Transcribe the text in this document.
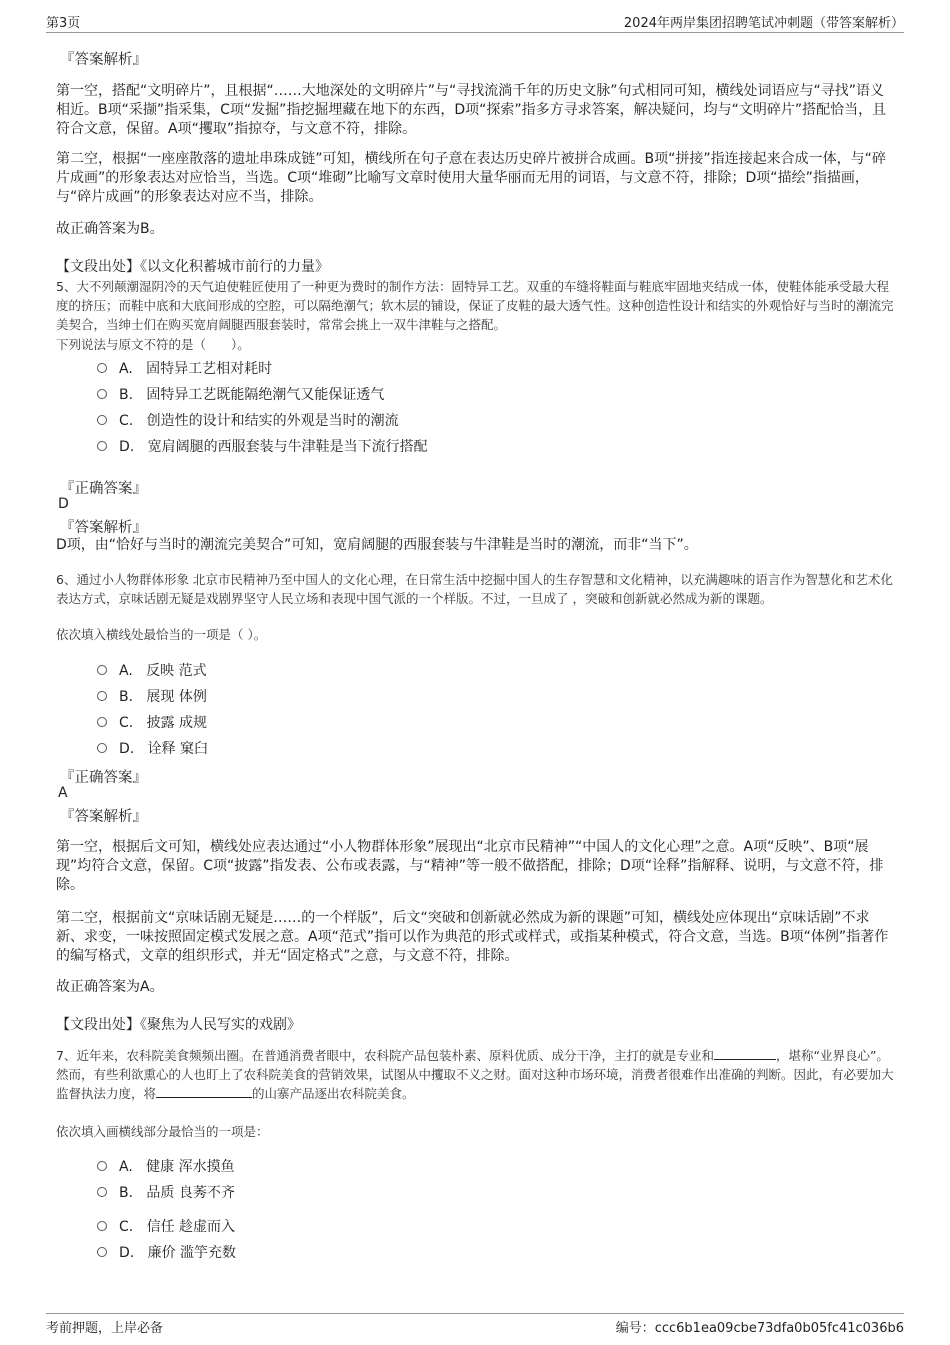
第3页	2024年两岸集团招聘笔试冲刺题（带答案解析）
『答案解析』

第一空，搭配“文明碎片”，且根据“……大地深处的文明碎片”与“寻找流淌千年的历史文脉”句式相同可知，横线处词语应与“寻找”语义相近。B项“采撷”指采集，C项“发掘”指挖掘埋藏在地下的东西，D项“探索”指多方寻求答案，解决疑问，均与“文明碎片”搭配恰当，且符合文意，保留。A项“攫取”指掠夺，与文意不符，排除。

第二空，根据“一座座散落的遗址串珠成链”可知，横线所在句子意在表达历史碎片被拼合成画。B项“拼接”指连接起来合成一体，与“碎片成画”的形象表达对应恰当，当选。C项“堆砌”比喻写文章时使用大量华丽而无用的词语，与文意不符，排除；D项“描绘”指描画，与“碎片成画”的形象表达对应不当，排除。

故正确答案为B。
【文段出处】《以文化积蓄城市前行的力量》

5、大不列颠潮湿阴冷的天气迫使鞋匠使用了一种更为费时的制作方法：固特异工艺。双重的车缝将鞋面与鞋底牢固地夹结成一体，使鞋体能承受最大程度的挤压；而鞋中底和大底间形成的空腔，可以隔绝潮气；软木层的铺设，保证了皮鞋的最大透气性。这种创造性设计和结实的外观恰好与当时的潮流完美契合，当绅士们在购买宽肩阔腿西服套装时，常常会挑上一双牛津鞋与之搭配。

下列说法与原文不符的是（　　）。
A. 固特异工艺相对耗时
B. 固特异工艺既能隔绝潮气又能保证透气
C. 创造性的设计和结实的外观是当时的潮流
D. 宽肩阔腿的西服套装与牛津鞋是当下流行搭配
『正确答案』
D
『答案解析』
D项，由“恰好与当时的潮流完美契合”可知，宽肩阔腿的西服套装与牛津鞋是当时的潮流，而非“当下”。

6、通过小人物群体形象 北京市民精神乃至中国人的文化心理，在日常生活中挖掘中国人的生存智慧和文化精神，以充满趣味的语言作为智慧化和艺术化表达方式，京味话剧无疑是戏剧界坚守人民立场和表现中国气派的一个样版。不过，一旦成了 ，突破和创新就必然成为新的课题。

依次填入横线处最恰当的一项是（ ）。
A. 反映 范式
B. 展现 体例
C. 披露 成规
D. 诠释 窠臼
『正确答案』
A
『答案解析』

第一空，根据后文可知，横线处应表达通过“小人物群体形象”展现出“北京市民精神”“中国人的文化心理”之意。A项“反映”、B项“展现”均符合文意，保留。C项“披露”指发表、公布或表露，与“精神”等一般不做搭配，排除；D项“诠释”指解释、说明，与文意不符，排除。

第二空，根据前文“京味话剧无疑是……的一个样版”，后文“突破和创新就必然成为新的课题”可知，横线处应体现出“京味话剧”不求新、求变，一味按照固定模式发展之意。A项“范式”指可以作为典范的形式或样式，或指某种模式，符合文意，当选。B项“体例”指著作的编写格式，文章的组织形式，并无“固定格式”之意，与文意不符，排除。

故正确答案为A。
【文段出处】《聚焦为人民写实的戏剧》

7、近年来，农科院美食频频出圈。在普通消费者眼中，农科院产品包装朴素、原料优质、成分干净，主打的就是专业和	，堪称“业界良心”。然而，有些利欲熏心的人也盯上了农科院美食的营销效果，试图从中攫取不义之财。面对这种市场环境，消费者很难作出准确的判断。因此，有必要加大监督执法力度，将	的山寨产品逐出农科院美食。

依次填入画横线部分最恰当的一项是：
A. 健康 浑水摸鱼
B. 品质 良莠不齐
C. 信任 趁虚而入
D. 廉价 滥竽充数
考前押题，上岸必备	编号：ccc6b1ea09cbe73dfa0b05fc41c036b6
